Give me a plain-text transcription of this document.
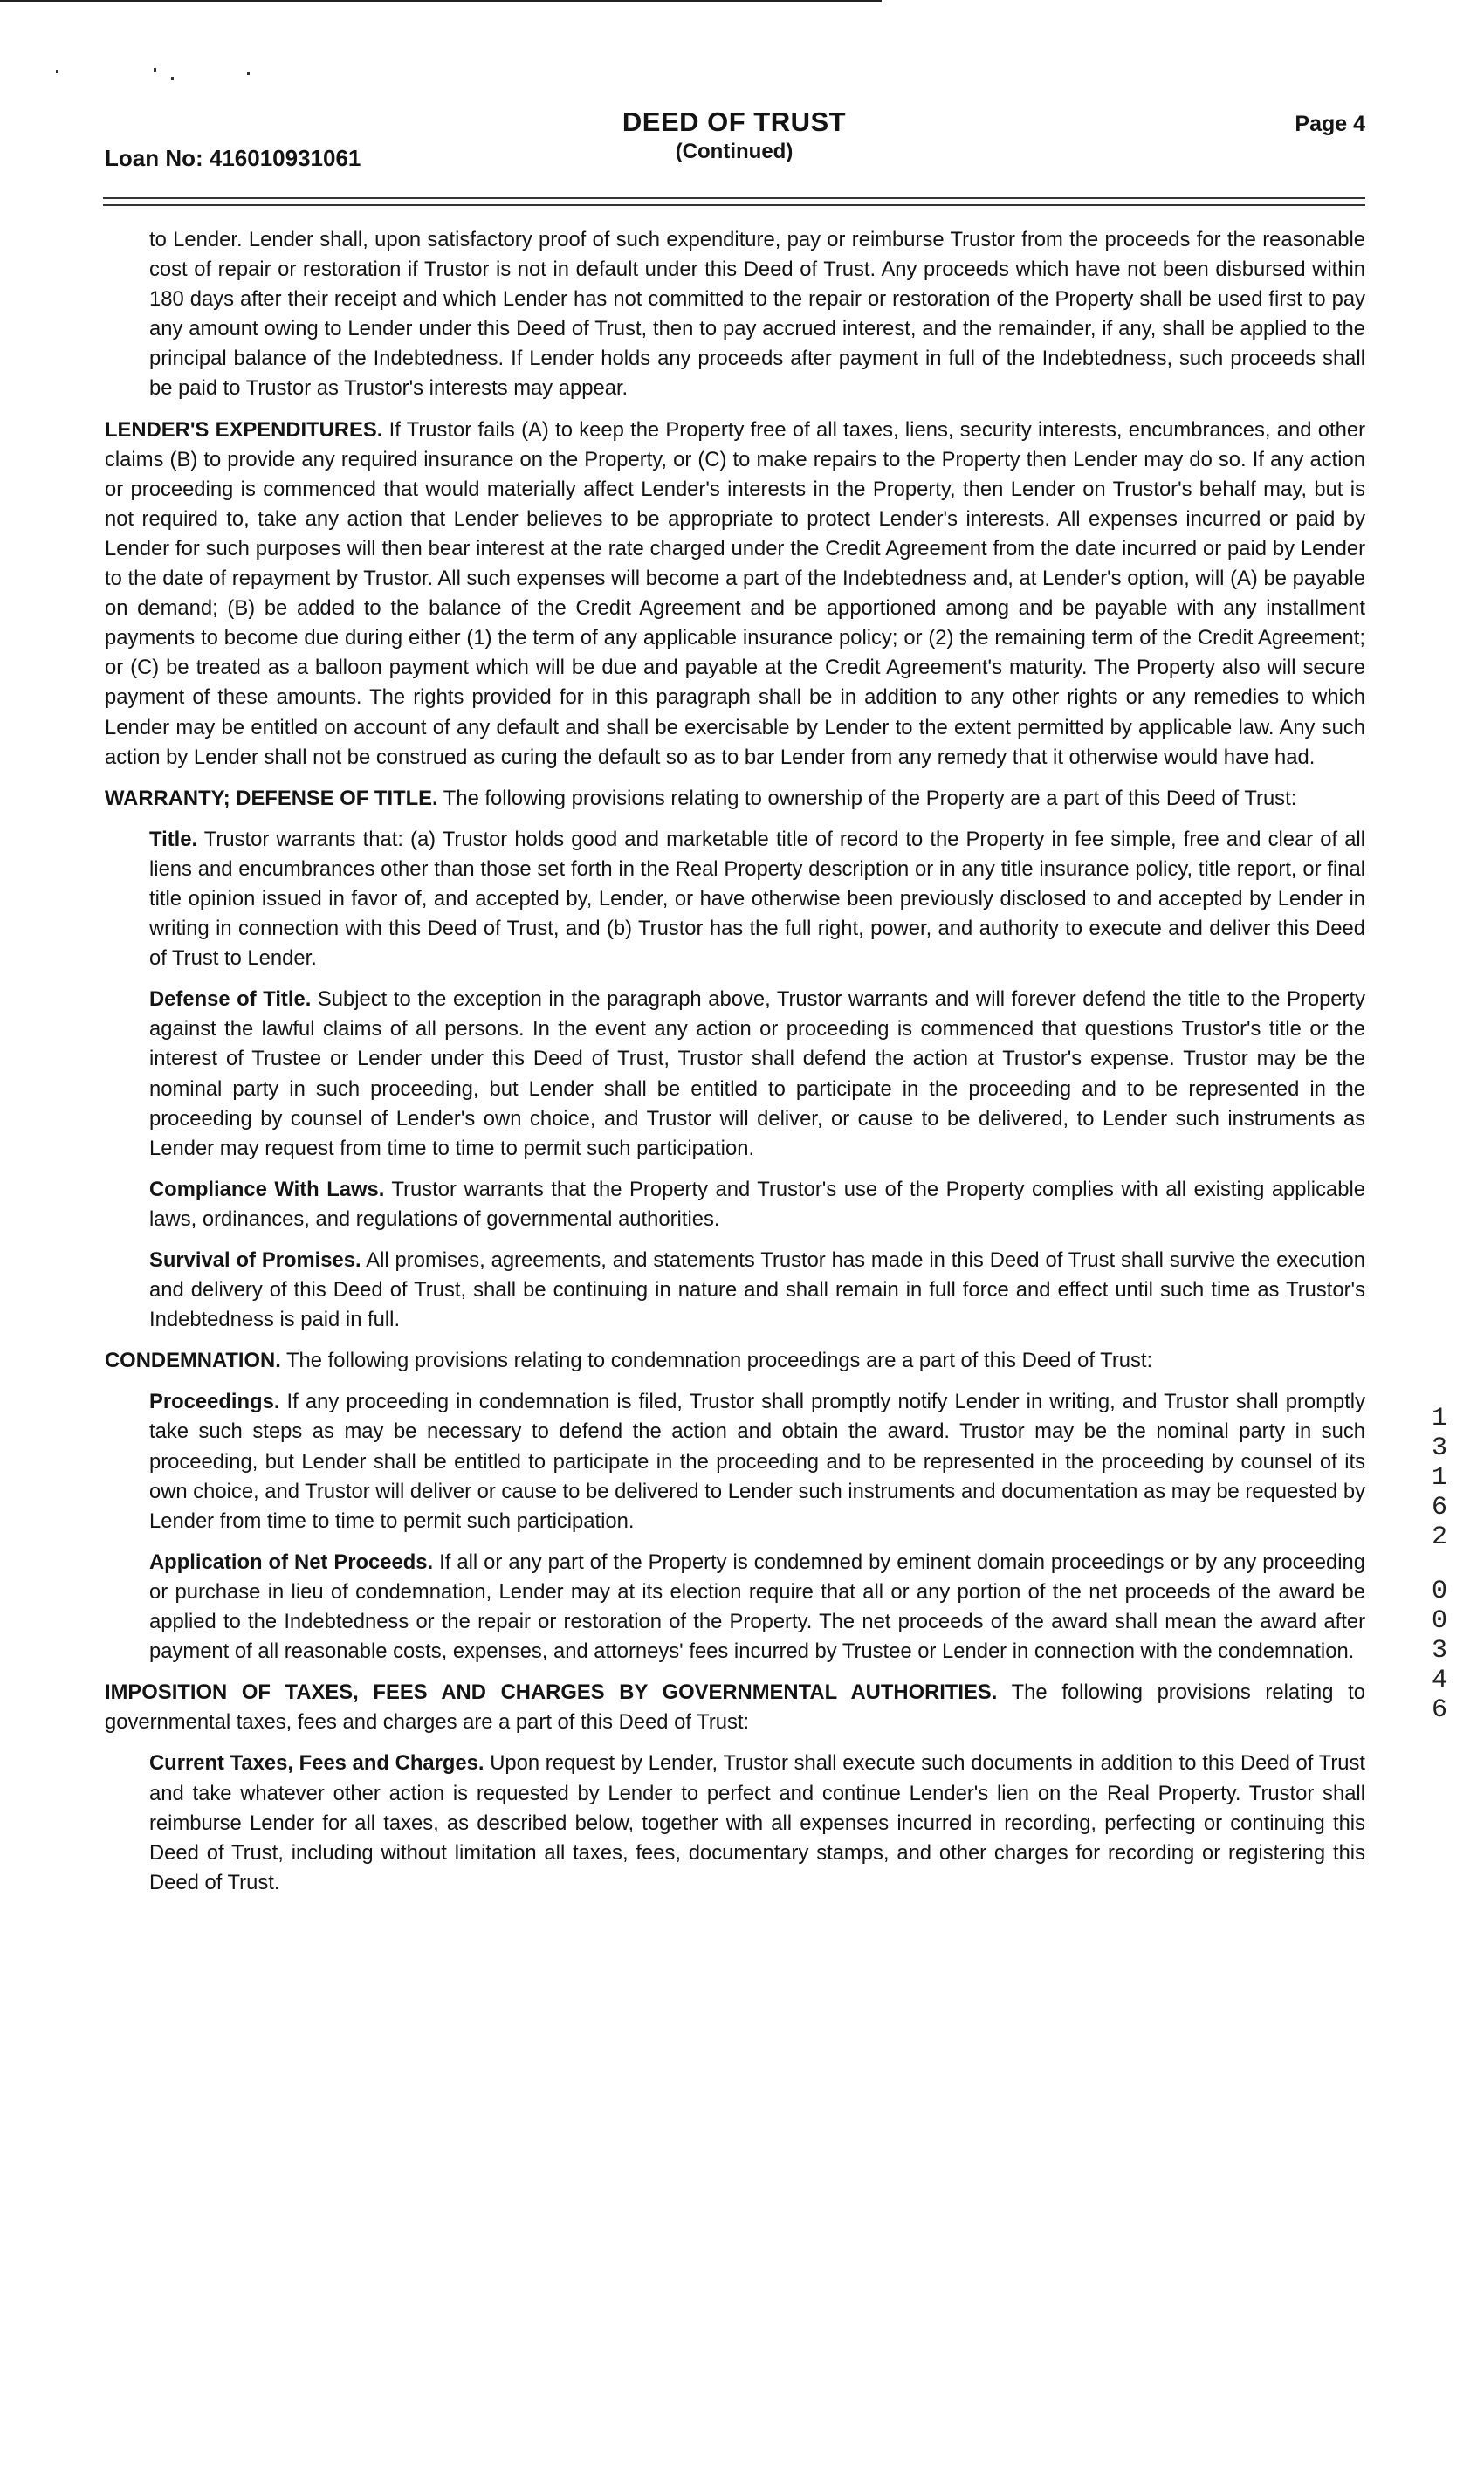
Loan No: 416010931061
DEED OF TRUST
(Continued)
Page 4

to Lender. Lender shall, upon satisfactory proof of such expenditure, pay or reimburse Trustor from the proceeds for the reasonable cost of repair or restoration if Trustor is not in default under this Deed of Trust. Any proceeds which have not been disbursed within 180 days after their receipt and which Lender has not committed to the repair or restoration of the Property shall be used first to pay any amount owing to Lender under this Deed of Trust, then to pay accrued interest, and the remainder, if any, shall be applied to the principal balance of the Indebtedness. If Lender holds any proceeds after payment in full of the Indebtedness, such proceeds shall be paid to Trustor as Trustor's interests may appear.

LENDER'S EXPENDITURES. If Trustor fails (A) to keep the Property free of all taxes, liens, security interests, encumbrances, and other claims (B) to provide any required insurance on the Property, or (C) to make repairs to the Property then Lender may do so. If any action or proceeding is commenced that would materially affect Lender's interests in the Property, then Lender on Trustor's behalf may, but is not required to, take any action that Lender believes to be appropriate to protect Lender's interests. All expenses incurred or paid by Lender for such purposes will then bear interest at the rate charged under the Credit Agreement from the date incurred or paid by Lender to the date of repayment by Trustor. All such expenses will become a part of the Indebtedness and, at Lender's option, will (A) be payable on demand; (B) be added to the balance of the Credit Agreement and be apportioned among and be payable with any installment payments to become due during either (1) the term of any applicable insurance policy; or (2) the remaining term of the Credit Agreement; or (C) be treated as a balloon payment which will be due and payable at the Credit Agreement's maturity. The Property also will secure payment of these amounts. The rights provided for in this paragraph shall be in addition to any other rights or any remedies to which Lender may be entitled on account of any default and shall be exercisable by Lender to the extent permitted by applicable law. Any such action by Lender shall not be construed as curing the default so as to bar Lender from any remedy that it otherwise would have had.

WARRANTY; DEFENSE OF TITLE. The following provisions relating to ownership of the Property are a part of this Deed of Trust:

Title. Trustor warrants that: (a) Trustor holds good and marketable title of record to the Property in fee simple, free and clear of all liens and encumbrances other than those set forth in the Real Property description or in any title insurance policy, title report, or final title opinion issued in favor of, and accepted by, Lender, or have otherwise been previously disclosed to and accepted by Lender in writing in connection with this Deed of Trust, and (b) Trustor has the full right, power, and authority to execute and deliver this Deed of Trust to Lender.

Defense of Title. Subject to the exception in the paragraph above, Trustor warrants and will forever defend the title to the Property against the lawful claims of all persons. In the event any action or proceeding is commenced that questions Trustor's title or the interest of Trustee or Lender under this Deed of Trust, Trustor shall defend the action at Trustor's expense. Trustor may be the nominal party in such proceeding, but Lender shall be entitled to participate in the proceeding and to be represented in the proceeding by counsel of Lender's own choice, and Trustor will deliver, or cause to be delivered, to Lender such instruments as Lender may request from time to time to permit such participation.

Compliance With Laws. Trustor warrants that the Property and Trustor's use of the Property complies with all existing applicable laws, ordinances, and regulations of governmental authorities.

Survival of Promises. All promises, agreements, and statements Trustor has made in this Deed of Trust shall survive the execution and delivery of this Deed of Trust, shall be continuing in nature and shall remain in full force and effect until such time as Trustor's Indebtedness is paid in full.

CONDEMNATION. The following provisions relating to condemnation proceedings are a part of this Deed of Trust:

Proceedings. If any proceeding in condemnation is filed, Trustor shall promptly notify Lender in writing, and Trustor shall promptly take such steps as may be necessary to defend the action and obtain the award. Trustor may be the nominal party in such proceeding, but Lender shall be entitled to participate in the proceeding and to be represented in the proceeding by counsel of its own choice, and Trustor will deliver or cause to be delivered to Lender such instruments and documentation as may be requested by Lender from time to time to permit such participation.

Application of Net Proceeds. If all or any part of the Property is condemned by eminent domain proceedings or by any proceeding or purchase in lieu of condemnation, Lender may at its election require that all or any portion of the net proceeds of the award be applied to the Indebtedness or the repair or restoration of the Property. The net proceeds of the award shall mean the award after payment of all reasonable costs, expenses, and attorneys' fees incurred by Trustee or Lender in connection with the condemnation.

IMPOSITION OF TAXES, FEES AND CHARGES BY GOVERNMENTAL AUTHORITIES. The following provisions relating to governmental taxes, fees and charges are a part of this Deed of Trust:

Current Taxes, Fees and Charges. Upon request by Lender, Trustor shall execute such documents in addition to this Deed of Trust and take whatever other action is requested by Lender to perfect and continue Lender's lien on the Real Property. Trustor shall reimburse Lender for all taxes, as described below, together with all expenses incurred in recording, perfecting or continuing this Deed of Trust, including without limitation all taxes, fees, documentary stamps, and other charges for recording or registering this Deed of Trust.

1
3
1
6
2
0
0
3
4
6
